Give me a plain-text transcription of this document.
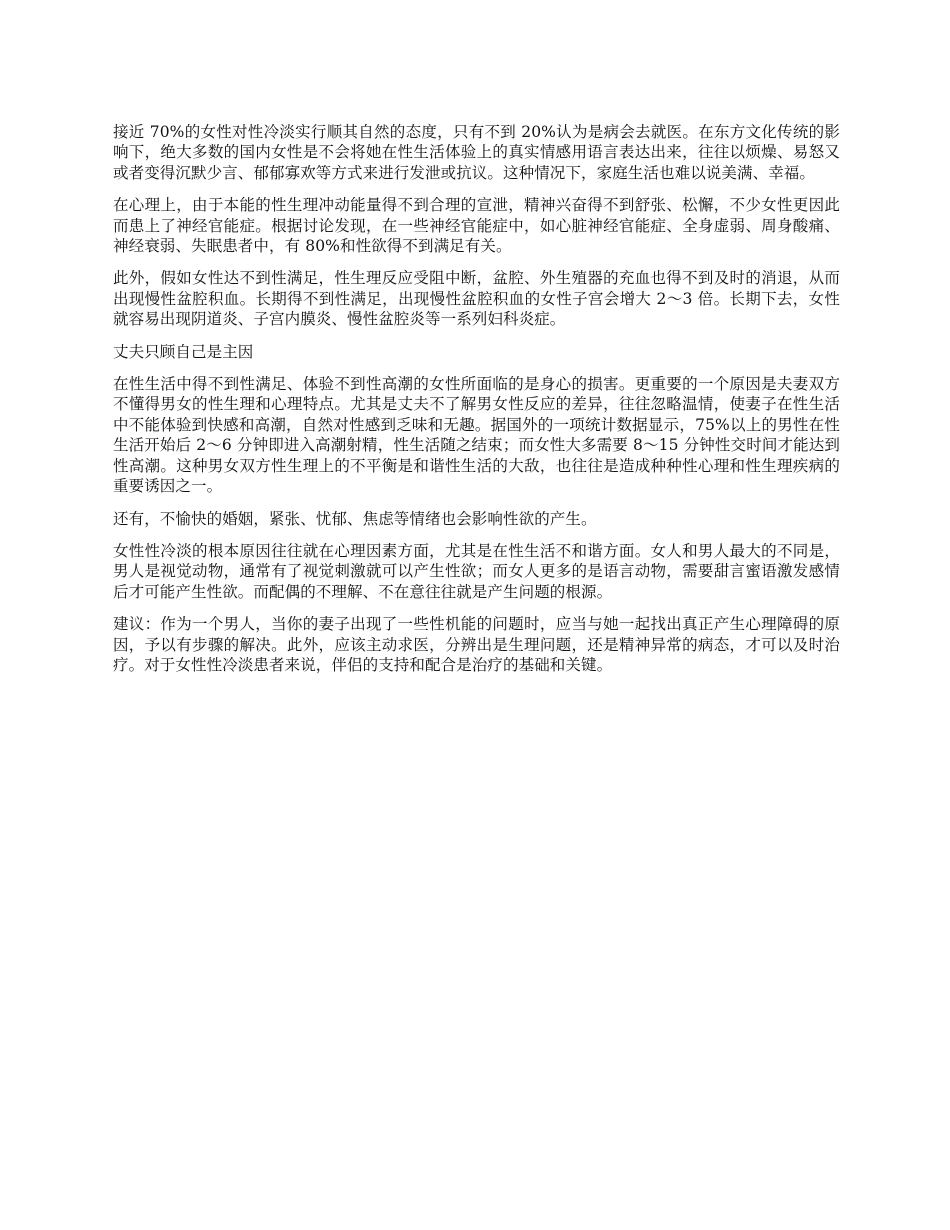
接近 70%的女性对性冷淡实行顺其自然的态度，只有不到 20%认为是病会去就医。在东方文化传统的影响下，绝大多数的国内女性是不会将她在性生活体验上的真实情感用语言表达出来，往往以烦燥、易怒又或者变得沉默少言、郁郁寡欢等方式来进行发泄或抗议。这种情况下，家庭生活也难以说美满、幸福。

在心理上，由于本能的性生理冲动能量得不到合理的宣泄，精神兴奋得不到舒张、松懈，不少女性更因此而患上了神经官能症。根据讨论发现，在一些神经官能症中，如心脏神经官能症、全身虚弱、周身酸痛、神经衰弱、失眠患者中，有 80%和性欲得不到满足有关。

此外，假如女性达不到性满足，性生理反应受阻中断，盆腔、外生殖器的充血也得不到及时的消退，从而出现慢性盆腔积血。长期得不到性满足，出现慢性盆腔积血的女性子宫会增大 2～3 倍。长期下去，女性就容易出现阴道炎、子宫内膜炎、慢性盆腔炎等一系列妇科炎症。

丈夫只顾自己是主因

在性生活中得不到性满足、体验不到性高潮的女性所面临的是身心的损害。更重要的一个原因是夫妻双方不懂得男女的性生理和心理特点。尤其是丈夫不了解男女性反应的差异，往往忽略温情，使妻子在性生活中不能体验到快感和高潮，自然对性感到乏味和无趣。据国外的一项统计数据显示，75%以上的男性在性生活开始后 2～6 分钟即进入高潮射精，性生活随之结束；而女性大多需要 8～15 分钟性交时间才能达到性高潮。这种男女双方性生理上的不平衡是和谐性生活的大敌，也往往是造成种种性心理和性生理疾病的重要诱因之一。

还有，不愉快的婚姻，紧张、忧郁、焦虑等情绪也会影响性欲的产生。

女性性冷淡的根本原因往往就在心理因素方面，尤其是在性生活不和谐方面。女人和男人最大的不同是，男人是视觉动物，通常有了视觉刺激就可以产生性欲；而女人更多的是语言动物，需要甜言蜜语激发感情后才可能产生性欲。而配偶的不理解、不在意往往就是产生问题的根源。

建议：作为一个男人，当你的妻子出现了一些性机能的问题时，应当与她一起找出真正产生心理障碍的原因，予以有步骤的解决。此外，应该主动求医，分辨出是生理问题，还是精神异常的病态，才可以及时治疗。对于女性性冷淡患者来说，伴侣的支持和配合是治疗的基础和关键。
